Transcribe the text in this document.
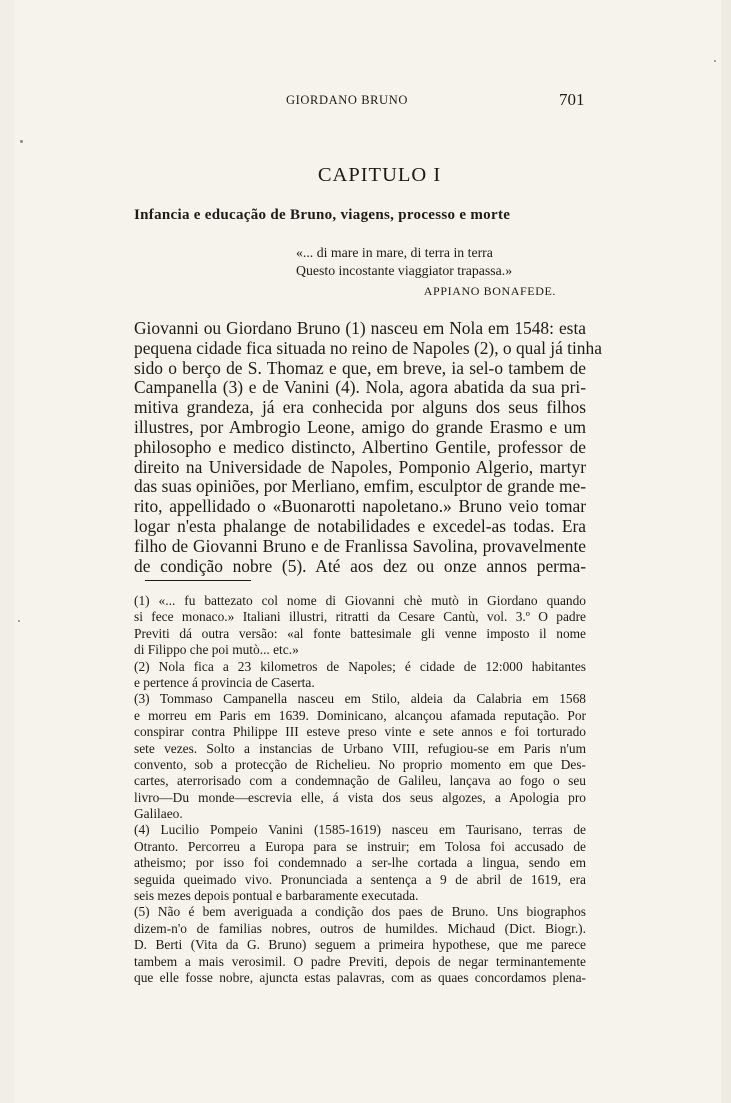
GIORDANO BRUNO	701
CAPITULO I
Infancia e educação de Bruno, viagens, processo e morte
«... di mare in mare, di terra in terra
Questo incostante viaggiator trapassa.»
APPIANO BONAFEDE.
Giovanni ou Giordano Bruno (1) nasceu em Nola em 1548: esta
pequena cidade fica situada no reino de Napoles (2), o qual já tinha
sido o berço de S. Thomaz e que, em breve, ia sel-o tambem de
Campanella (3) e de Vanini (4). Nola, agora abatida da sua pri-
mitiva grandeza, já era conhecida por alguns dos seus filhos
illustres, por Ambrogio Leone, amigo do grande Erasmo e um
philosopho e medico distincto, Albertino Gentile, professor de
direito na Universidade de Napoles, Pomponio Algerio, martyr
das suas opiniões, por Merliano, emfim, esculptor de grande me-
rito, appellidado o «Buonarotti napoletano.» Bruno veio tomar
logar n'esta phalange de notabilidades e excedel-as todas. Era
filho de Giovanni Bruno e de Franlissa Savolina, provavelmente
de condição nobre (5). Até aos dez ou onze annos perma-
(1) «... fu battezato col nome di Giovanni chè mutò in Giordano quando
si fece monaco.» Italiani illustri, ritratti da Cesare Cantù, vol. 3.º O padre
Previti dá outra versão: «al fonte battesimale gli venne imposto il nome
di Filippo che poi mutò... etc.»
(2) Nola fica a 23 kilometros de Napoles; é cidade de 12:000 habitantes
e pertence á provincia de Caserta.
(3) Tommaso Campanella nasceu em Stilo, aldeia da Calabria em 1568
e morreu em Paris em 1639. Dominicano, alcançou afamada reputação. Por
conspirar contra Philippe III esteve preso vinte e sete annos e foi torturado
sete vezes. Solto a instancias de Urbano VIII, refugiou-se em Paris n'um
convento, sob a protecção de Richelieu. No proprio momento em que Des-
cartes, aterrorisado com a condemnação de Galileu, lançava ao fogo o seu
livro—Du monde—escrevia elle, á vista dos seus algozes, a Apologia pro
Galilaeo.
(4) Lucilio Pompeio Vanini (1585-1619) nasceu em Taurisano, terras de
Otranto. Percorreu a Europa para se instruir; em Tolosa foi accusado de
atheismo; por isso foi condemnado a ser-lhe cortada a lingua, sendo em
seguida queimado vivo. Pronunciada a sentença a 9 de abril de 1619, era
seis mezes depois pontual e barbaramente executada.
(5) Não é bem averiguada a condição dos paes de Bruno. Uns biographos
dizem-n'o de familias nobres, outros de humildes. Michaud (Dict. Biogr.).
D. Berti (Vita da G. Bruno) seguem a primeira hypothese, que me parece
tambem a mais verosimil. O padre Previti, depois de negar terminantemente
que elle fosse nobre, ajuncta estas palavras, com as quaes concordamos plena-
